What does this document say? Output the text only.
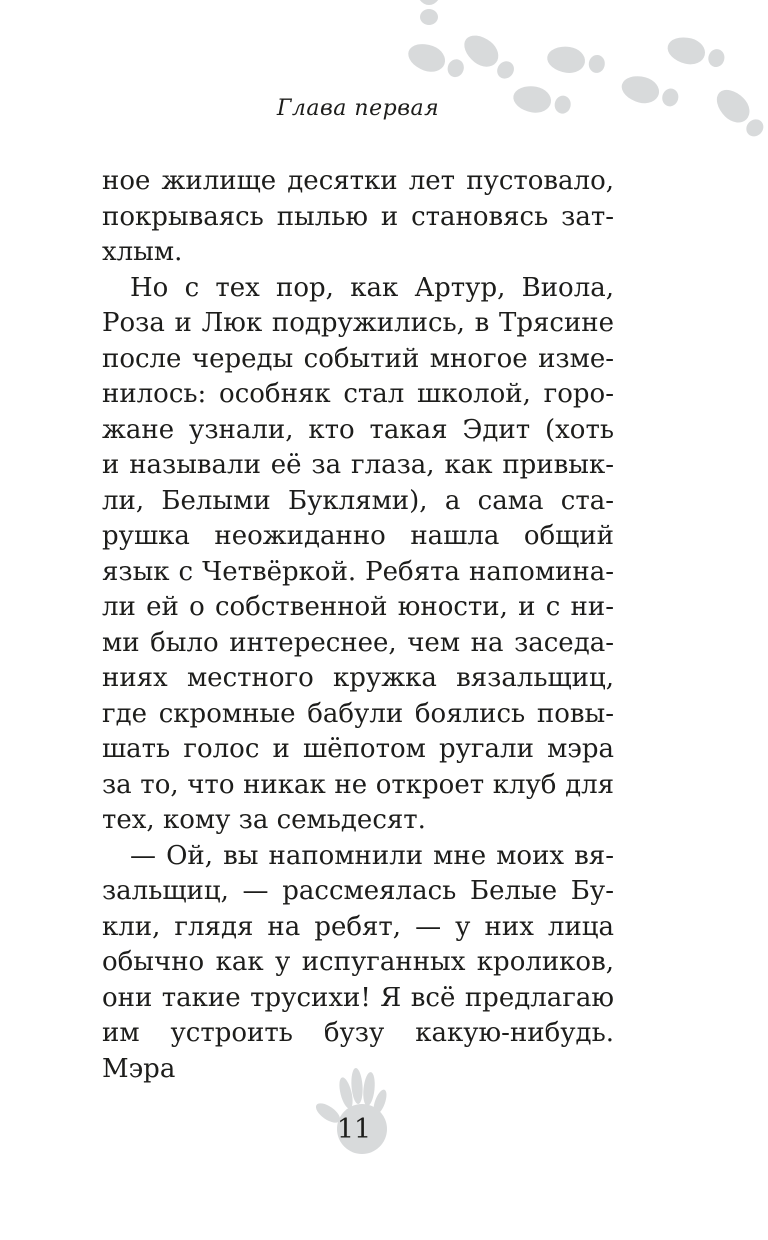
Глава первая
ное жилище десятки лет пустовало,
покрываясь пылью и становясь зат-
хлым.
Но с тех пор, как Артур, Виола,
Роза и Люк подружились, в Трясине
после череды событий многое изме-
нилось: особняк стал школой, горо-
жане узнали, кто такая Эдит (хоть
и называли её за глаза, как привык-
ли, Белыми Буклями), а сама ста-
рушка неожиданно нашла общий
язык с Четвёркой. Ребята напомина-
ли ей о собственной юности, и с ни-
ми было интереснее, чем на заседа-
ниях местного кружка вязальщиц,
где скромные бабули боялись повы-
шать голос и шёпотом ругали мэра
за то, что никак не откроет клуб для
тех, кому за семьдесят.
— Ой, вы напомнили мне моих вя-
зальщиц, — рассмеялась Белые Бу-
кли, глядя на ребят, — у них лица
обычно как у испуганных кроликов,
они такие трусихи! Я всё предлагаю
им устроить бузу какую-нибудь. Мэра
11
